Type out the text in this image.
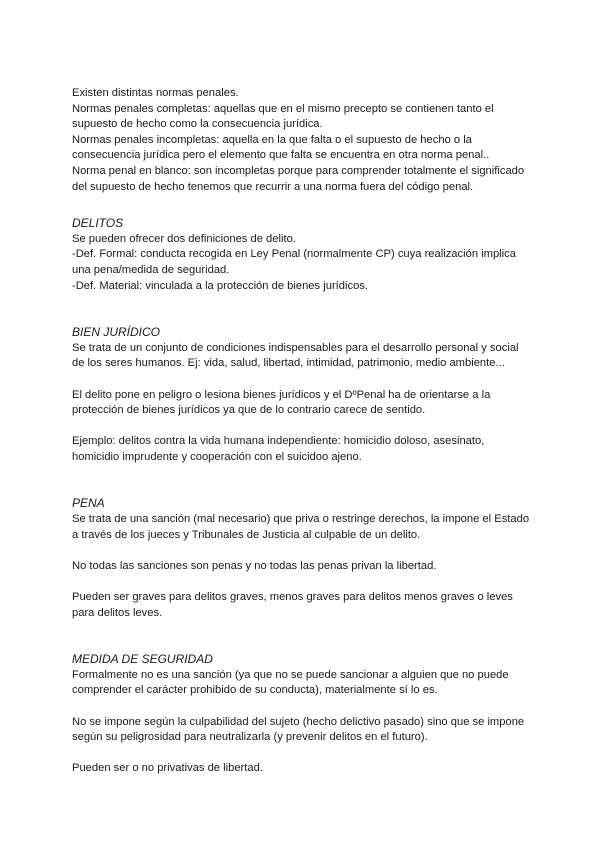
Existen distintas normas penales.
Normas penales completas: aquellas que en el mismo precepto se contienen tanto el
supuesto de hecho como la consecuencia jurídica.
Normas penales incompletas: aquella en la que falta o el supuesto de hecho o la
consecuencia jurídica pero el elemento que falta se encuentra en otra norma penal..
Norma penal en blanco: son incompletas porque para comprender totalmente el significado
del supuesto de hecho tenemos que recurrir a una norma fuera del código penal.
DELITOS
Se pueden ofrecer dos definiciones de delito.
-Def. Formal: conducta recogida en Ley Penal (normalmente CP) cuya realización implica
una pena/medida de seguridad.
-Def. Material: vinculada a la protección de bienes jurídicos.
BIEN JURÍDICO
Se trata de un conjunto de condiciones indispensables para el desarrollo personal y social
de los seres humanos. Ej: vida, salud, libertad, intimidad, patrimonio, medio ambiente...
El delito pone en peligro o lesiona bienes jurídicos y el DºPenal ha de orientarse a la
protección de bienes jurídicos ya que de lo contrario carece de sentido.
Ejemplo: delitos contra la vida humana independiente: homicidio doloso, asesinato,
homicidio imprudente y cooperación con el suicidoo ajeno.
PENA
Se trata de una sanción (mal necesario) que priva o restringe derechos, la impone el Estado
a través de los jueces y Tribunales de Justicia al culpable de un delito.
No todas las sanciones son penas y no todas las penas privan la libertad.
Pueden ser graves para delitos graves, menos graves para delitos menos graves o leves
para delitos leves.
MEDIDA DE SEGURIDAD
Formalmente no es una sanción (ya que no se puede sancionar a alguien que no puede
comprender el carácter prohibido de su conducta), materialmente sí lo es.
No se impone según la culpabilidad del sujeto (hecho delictivo pasado) sino que se impone
según su peligrosidad para neutralizarla (y prevenir delitos en el futuro).
Pueden ser o no privativas de libertad.
